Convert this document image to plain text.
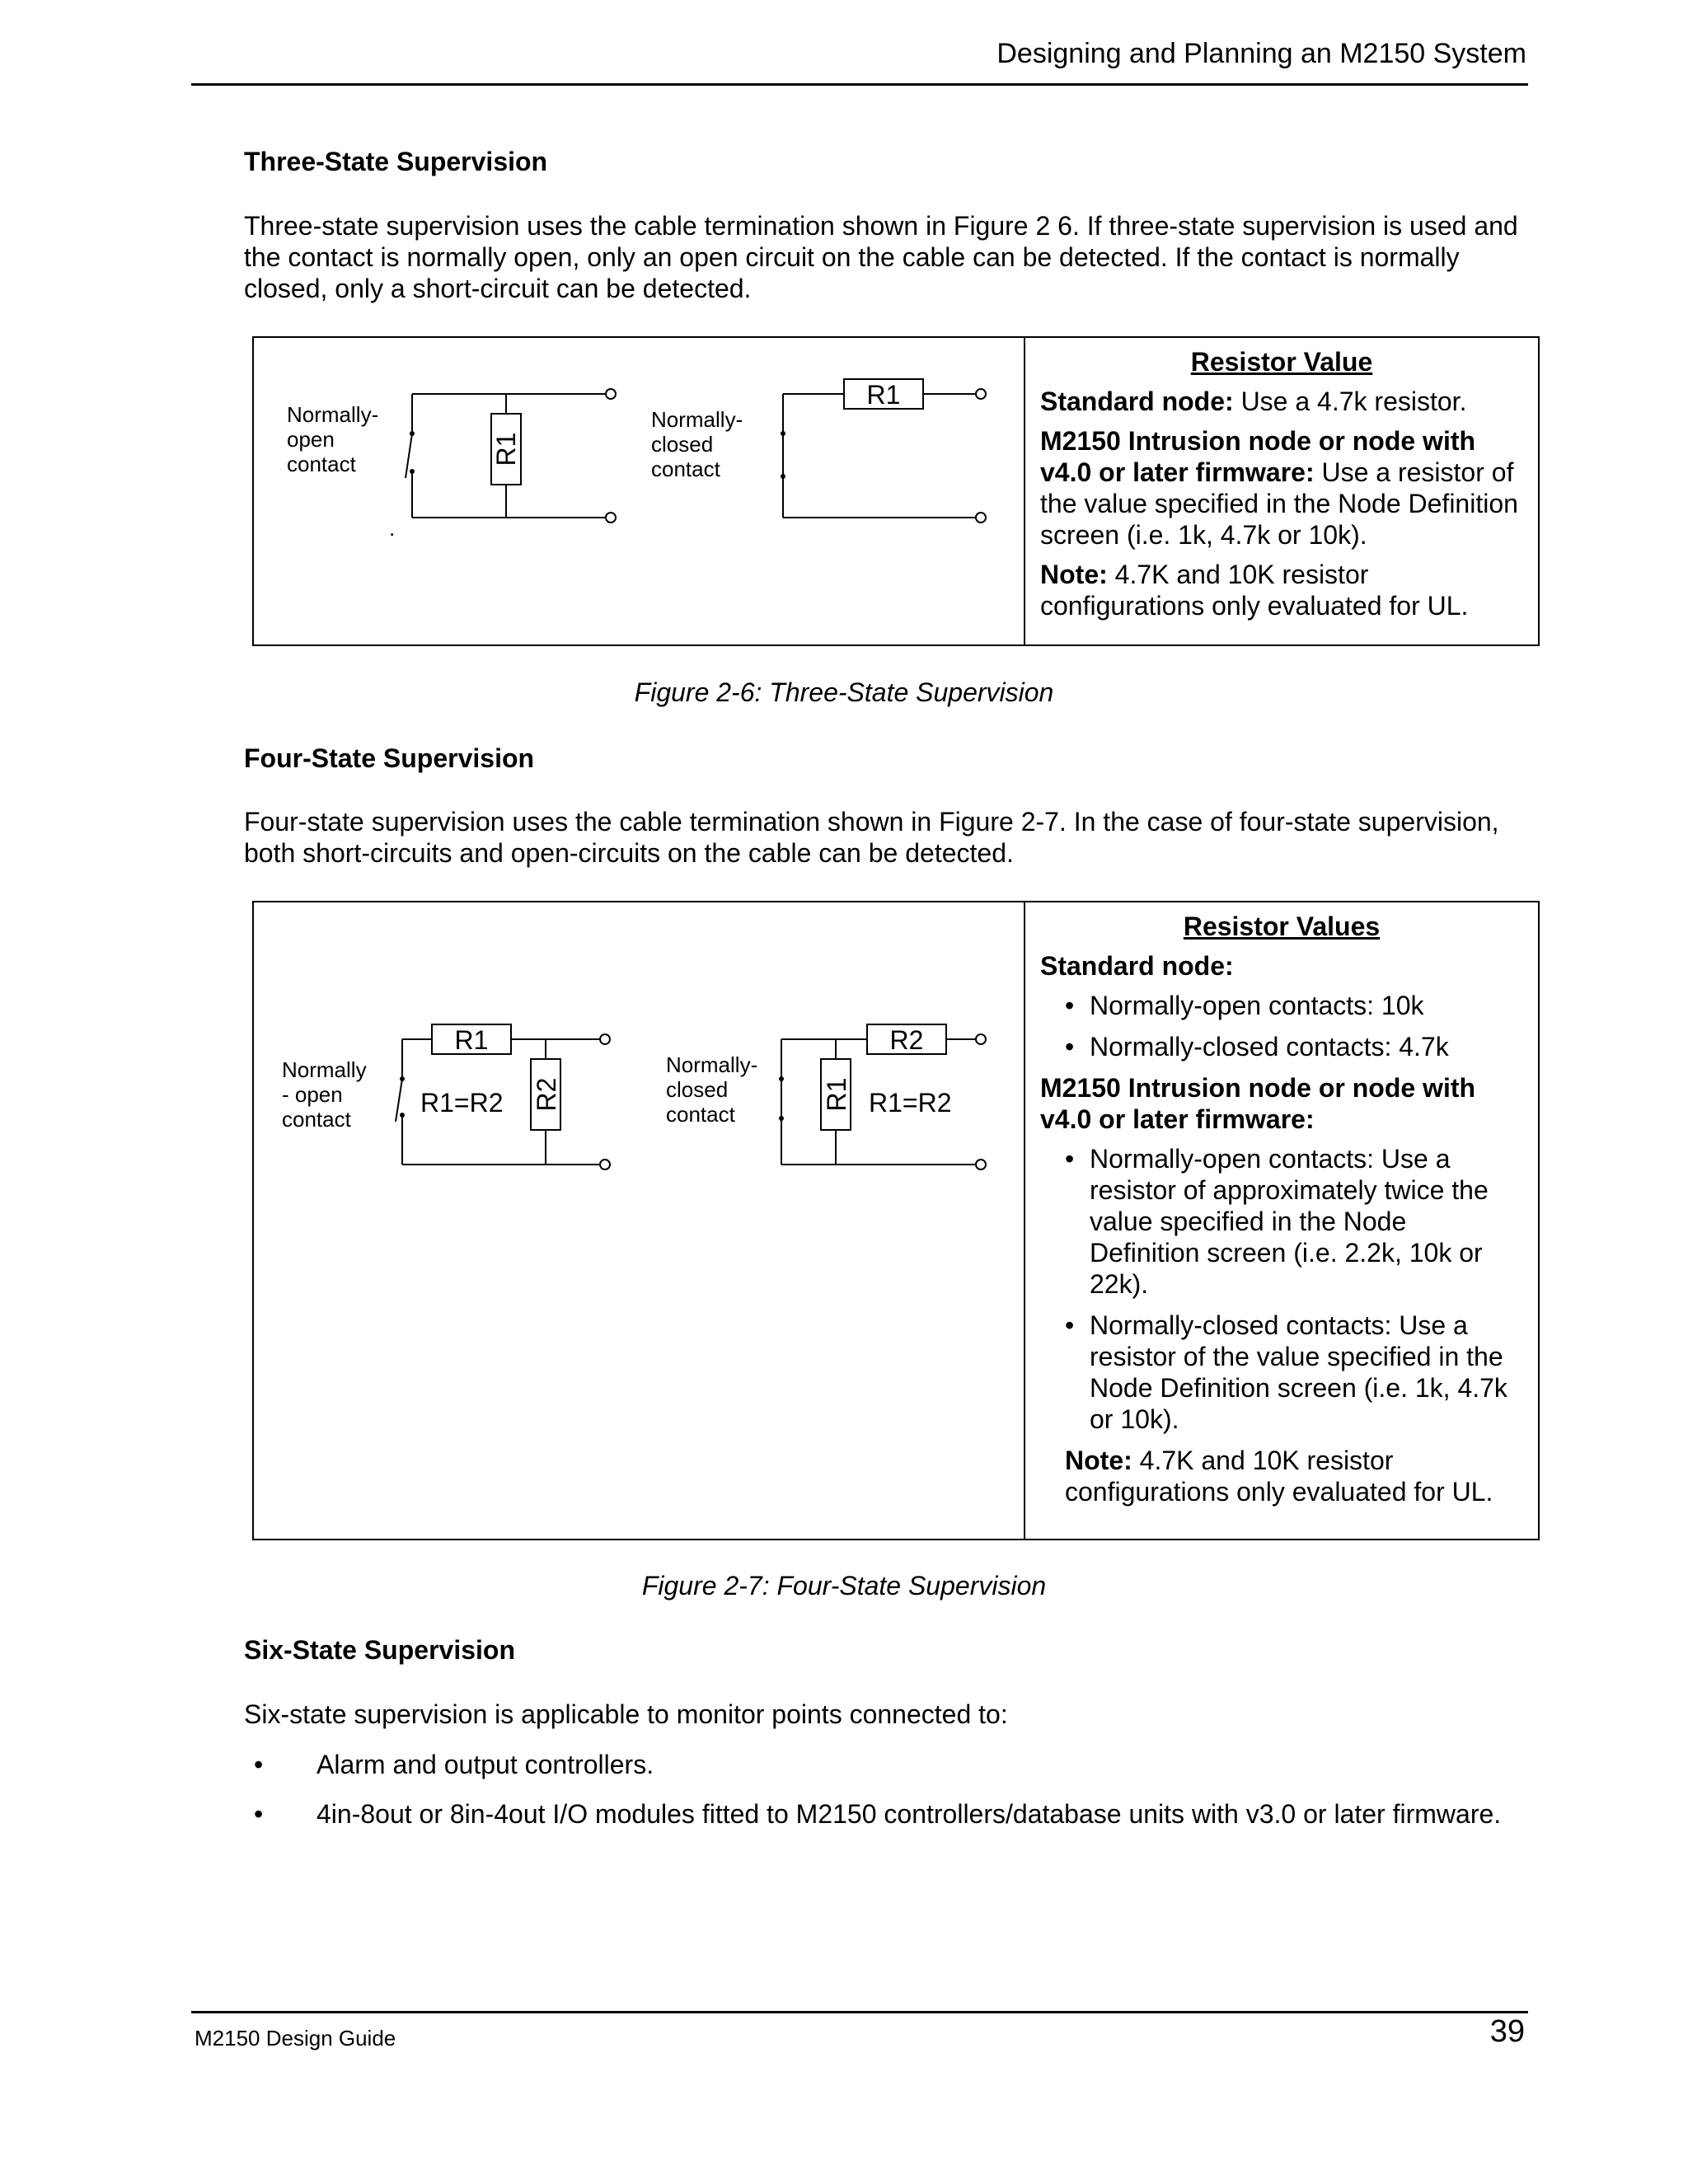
Designing and Planning an M2150 System
Three-State Supervision
Three-state supervision uses the cable termination shown in Figure 2 6. If three-state supervision is used and the contact is normally open, only an open circuit on the cable can be detected. If the contact is normally closed, only a short-circuit can be detected.
R1
R1
.
Normally-
open
contact
Normally-
closed
contact
Resistor Value

Standard node: Use a 4.7k resistor.

M2150 Intrusion node or node with v4.0 or later firmware: Use a resistor of the value specified in the Node Definition screen (i.e. 1k, 4.7k or 10k).

Note: 4.7K and 10K resistor configurations only evaluated for UL.

Figure 2-6: Three-State Supervision
Four-State Supervision
Four-state supervision uses the cable termination shown in Figure 2-7. In the case of four-state supervision, both short-circuits and open-circuits on the cable can be detected.
R1
R2
R1=R2
R2
R1 R1=R2
Normally
- open
contact
Normally-
closed
contact
Resistor Values

Standard node:

• Normally-open contacts: 10k
• Normally-closed contacts: 4.7k

M2150 Intrusion node or node with v4.0 or later firmware:

• Normally-open contacts: Use a resistor of approximately twice the value specified in the Node Definition screen (i.e. 2.2k, 10k or 22k).
• Normally-closed contacts: Use a resistor of the value specified in the Node Definition screen (i.e. 1k, 4.7k or 10k).

Note: 4.7K and 10K resistor configurations only evaluated for UL.

Figure 2-7: Four-State Supervision
Six-State Supervision
Six-state supervision is applicable to monitor points connected to:
• Alarm and output controllers.
• 4in-8out or 8in-4out I/O modules fitted to M2150 controllers/database units with v3.0 or later firmware.
M2150 Design Guide	39
